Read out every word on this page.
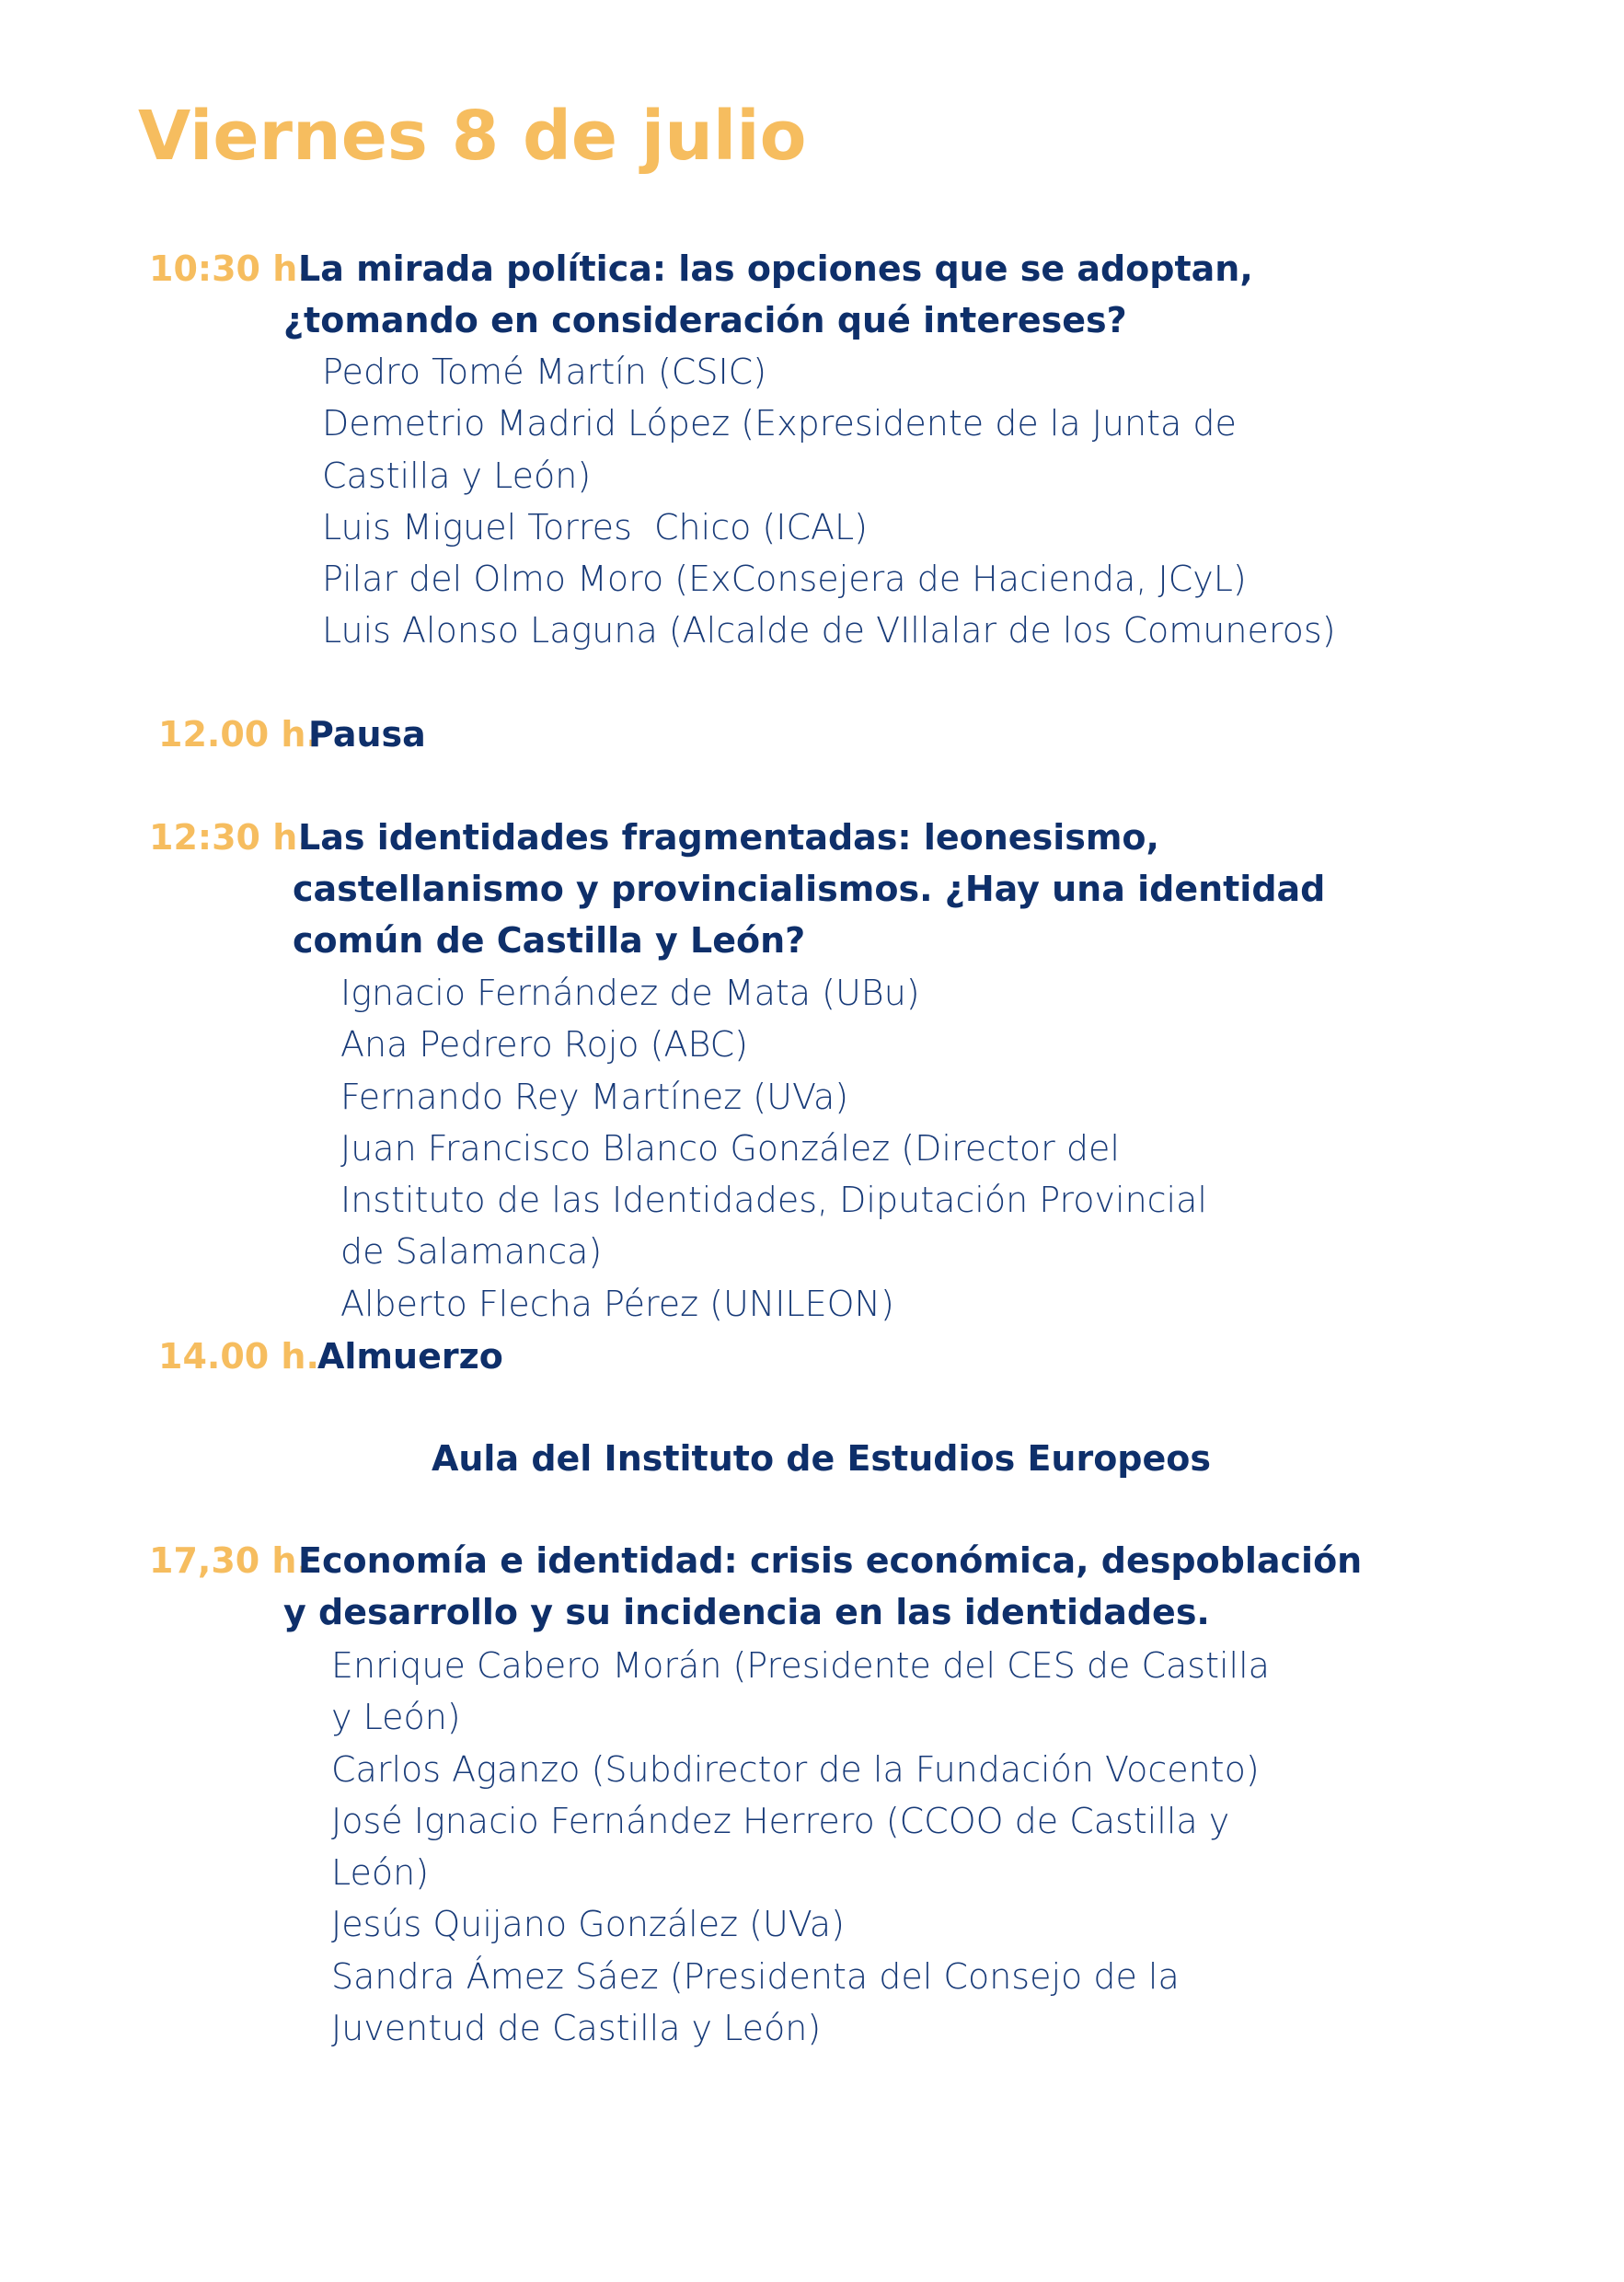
Viernes 8 de julio
10:30 h.

La mirada política: las opciones que se adoptan, ¿tomando en consideración qué intereses?

Pedro Tomé Martín (CSIC)
Demetrio Madrid López (Expresidente de la Junta de Castilla y León)
Luis Miguel Torres  Chico (ICAL)
Pilar del Olmo Moro (ExConsejera de Hacienda, JCyL)
Luis Alonso Laguna (Alcalde de VIllalar de los Comuneros)
12.00 h.
Pausa
12:30 h.

Las identidades fragmentadas: leonesismo, castellanismo y provincialismos. ¿Hay una identidad común de Castilla y León?

Ignacio Fernández de Mata (UBu)
Ana Pedrero Rojo (ABC)
Fernando Rey Martínez (UVa)
Juan Francisco Blanco González (Director del Instituto de las Identidades, Diputación Provincial de Salamanca)
Alberto Flecha Pérez (UNILEON)
14.00 h.
Almuerzo
Aula del Instituto de Estudios Europeos
17,30 h.

Economía e identidad: crisis económica, despoblación y desarrollo y su incidencia en las identidades.

Enrique Cabero Morán (Presidente del CES de Castilla y León)
Carlos Aganzo (Subdirector de la Fundación Vocento)
José Ignacio Fernández Herrero (CCOO de Castilla y León)
Jesús Quijano González (UVa)
Sandra Ámez Sáez (Presidenta del Consejo de la Juventud de Castilla y León)
